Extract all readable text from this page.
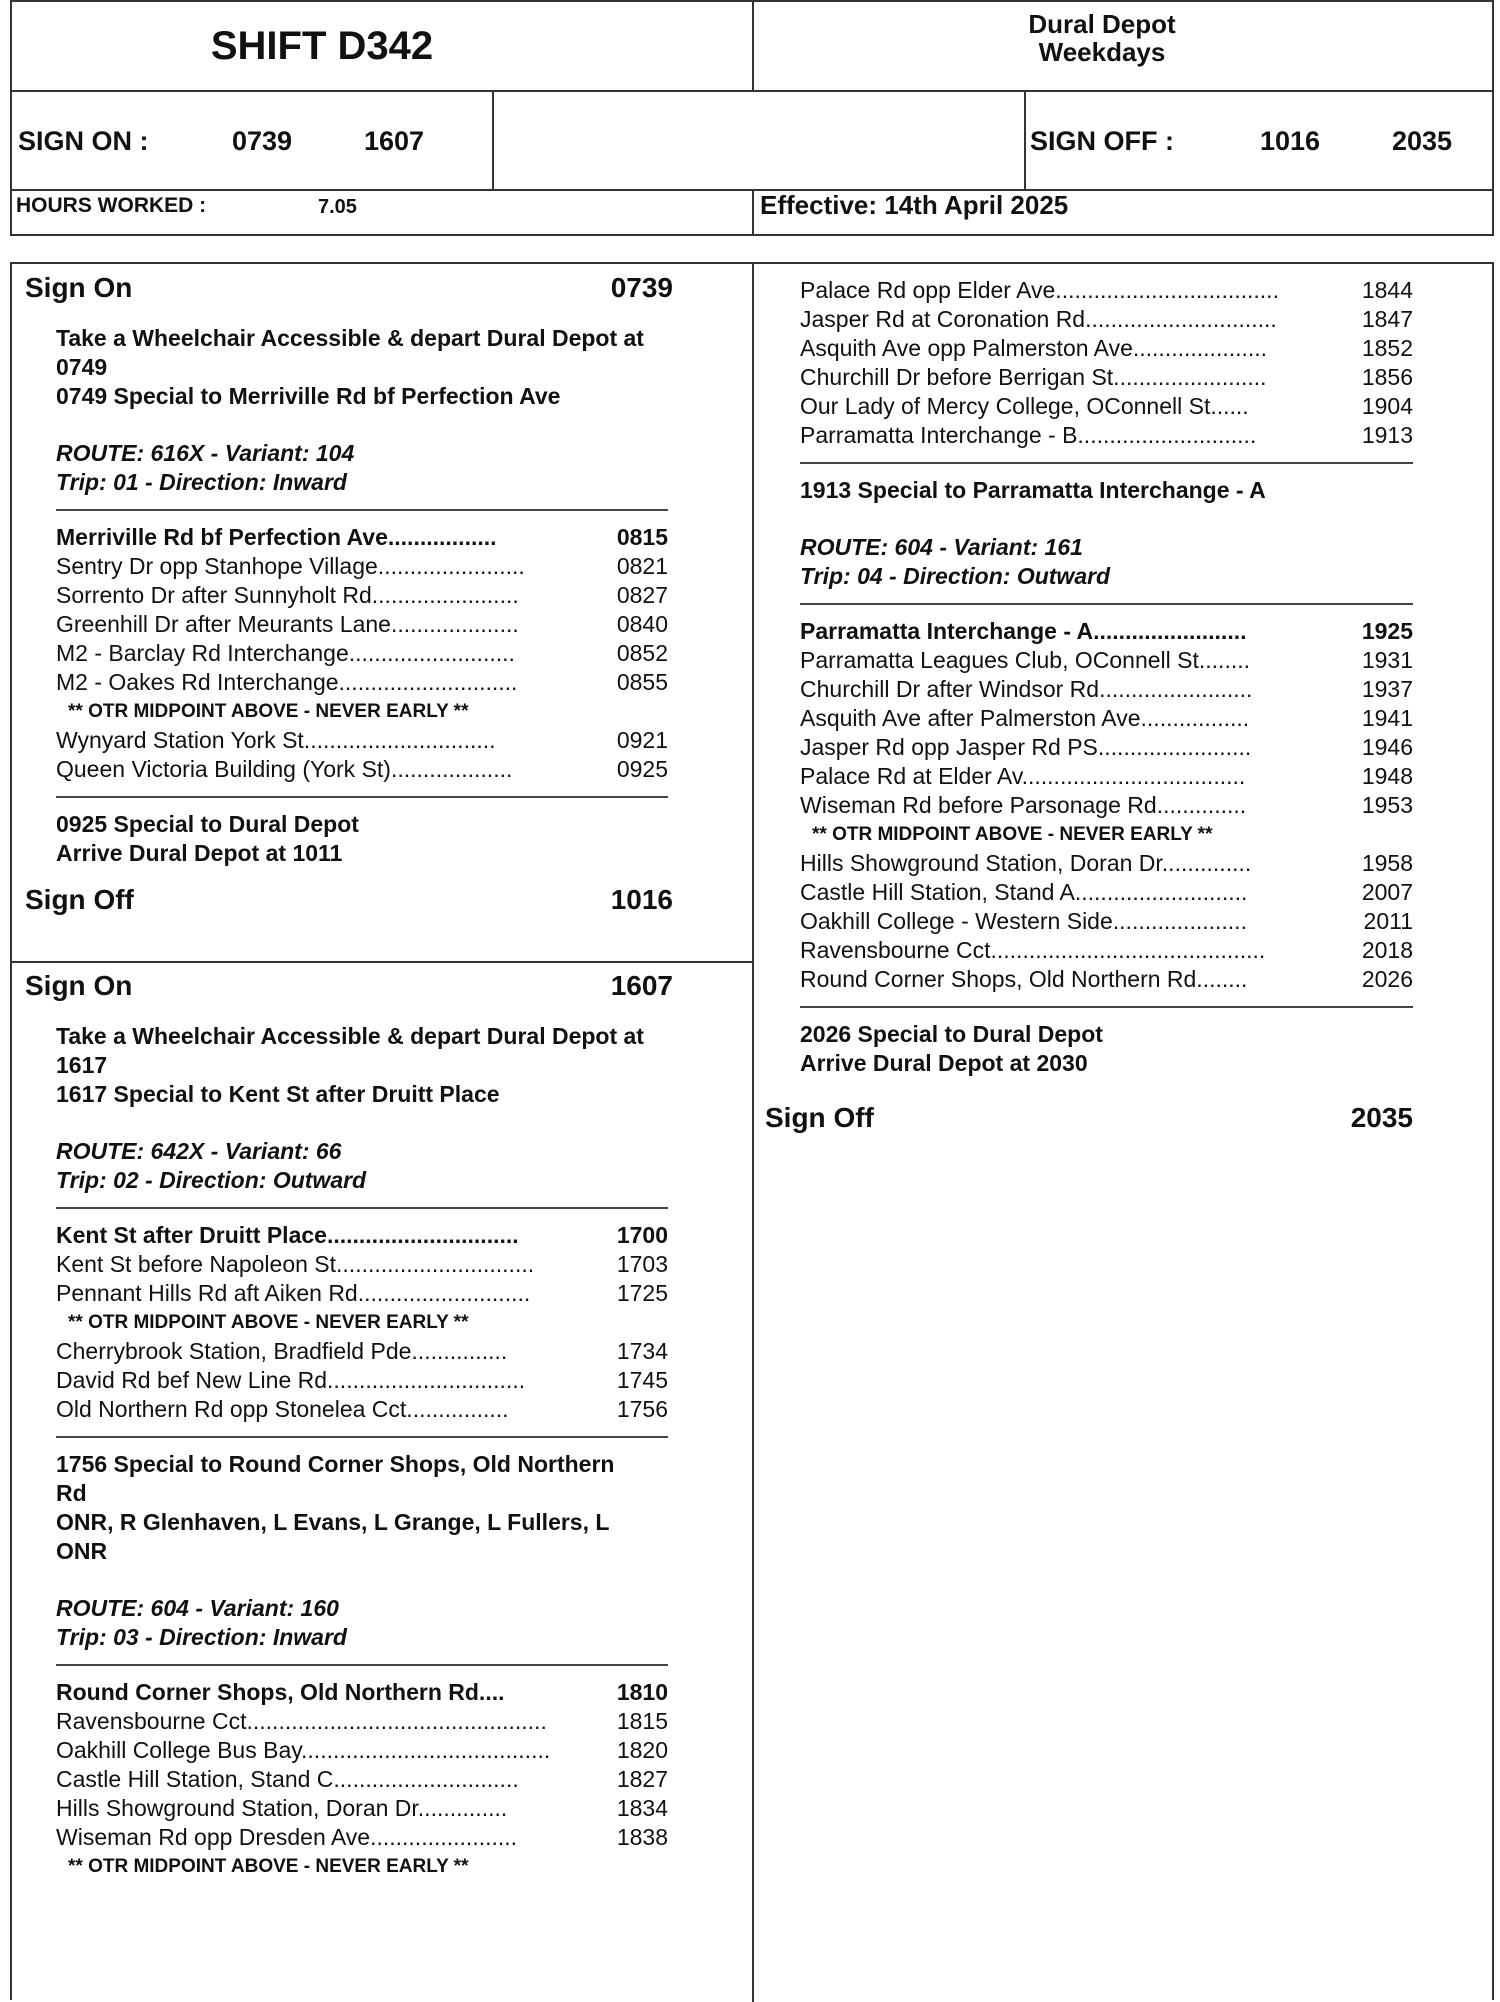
SHIFT D342	Dural Depot
Weekdays
SIGN ON :	0739	1607	SIGN OFF :	1016	2035
HOURS WORKED :	7.05	Effective: 14th April 2025
Sign On	0739
Take a Wheelchair Accessible & depart Dural Depot at
0749
0749 Special to Merriville Rd bf Perfection Ave
ROUTE: 616X - Variant: 104
Trip: 01 - Direction: Inward
Merriville Rd bf Perfection Ave.................	0815
Sentry Dr opp Stanhope Village.......................	0821
Sorrento Dr after Sunnyholt Rd.......................	0827
Greenhill Dr after Meurants Lane....................	0840
M2 - Barclay Rd Interchange..........................	0852
M2 - Oakes Rd Interchange............................	0855
** OTR MIDPOINT ABOVE - NEVER EARLY **
Wynyard Station York St..............................	0921
Queen Victoria Building (York St)...................	0925
0925 Special to Dural Depot
Arrive Dural Depot at 1011
Sign Off	1016
Sign On	1607
Take a Wheelchair Accessible & depart Dural Depot at
1617
1617 Special to Kent St after Druitt Place
ROUTE: 642X - Variant: 66
Trip: 02 - Direction: Outward
Kent St after Druitt Place..............................	1700
Kent St before Napoleon St...............................	1703
Pennant Hills Rd aft Aiken Rd...........................	1725
** OTR MIDPOINT ABOVE - NEVER EARLY **
Cherrybrook Station, Bradfield Pde...............	1734
David Rd bef New Line Rd...............................	1745
Old Northern Rd opp Stonelea Cct................	1756
1756 Special to Round Corner Shops, Old Northern
Rd
ONR, R Glenhaven, L Evans, L Grange, L Fullers, L
ONR
ROUTE: 604 - Variant: 160
Trip: 03 - Direction: Inward
Round Corner Shops, Old Northern Rd....	1810
Ravensbourne Cct...............................................	1815
Oakhill College Bus Bay.......................................	1820
Castle Hill Station, Stand C.............................	1827
Hills Showground Station, Doran Dr..............	1834
Wiseman Rd opp Dresden Ave.......................	1838
** OTR MIDPOINT ABOVE - NEVER EARLY **
Palace Rd opp Elder Ave...................................	1844
Jasper Rd at Coronation Rd..............................	1847
Asquith Ave opp Palmerston Ave.....................	1852
Churchill Dr before Berrigan St........................	1856
Our Lady of Mercy College, OConnell St......	1904
Parramatta Interchange - B............................	1913
1913 Special to Parramatta Interchange - A
ROUTE: 604 - Variant: 161
Trip: 04 - Direction: Outward
Parramatta Interchange - A........................	1925
Parramatta Leagues Club, OConnell St........	1931
Churchill Dr after Windsor Rd........................	1937
Asquith Ave after Palmerston Ave.................	1941
Jasper Rd opp Jasper Rd PS........................	1946
Palace Rd at Elder Av...................................	1948
Wiseman Rd before Parsonage Rd..............	1953
** OTR MIDPOINT ABOVE - NEVER EARLY **
Hills Showground Station, Doran Dr..............	1958
Castle Hill Station, Stand A...........................	2007
Oakhill College - Western Side.....................	2011
Ravensbourne Cct...........................................	2018
Round Corner Shops, Old Northern Rd........	2026
2026 Special to Dural Depot
Arrive Dural Depot at 2030
Sign Off	2035
